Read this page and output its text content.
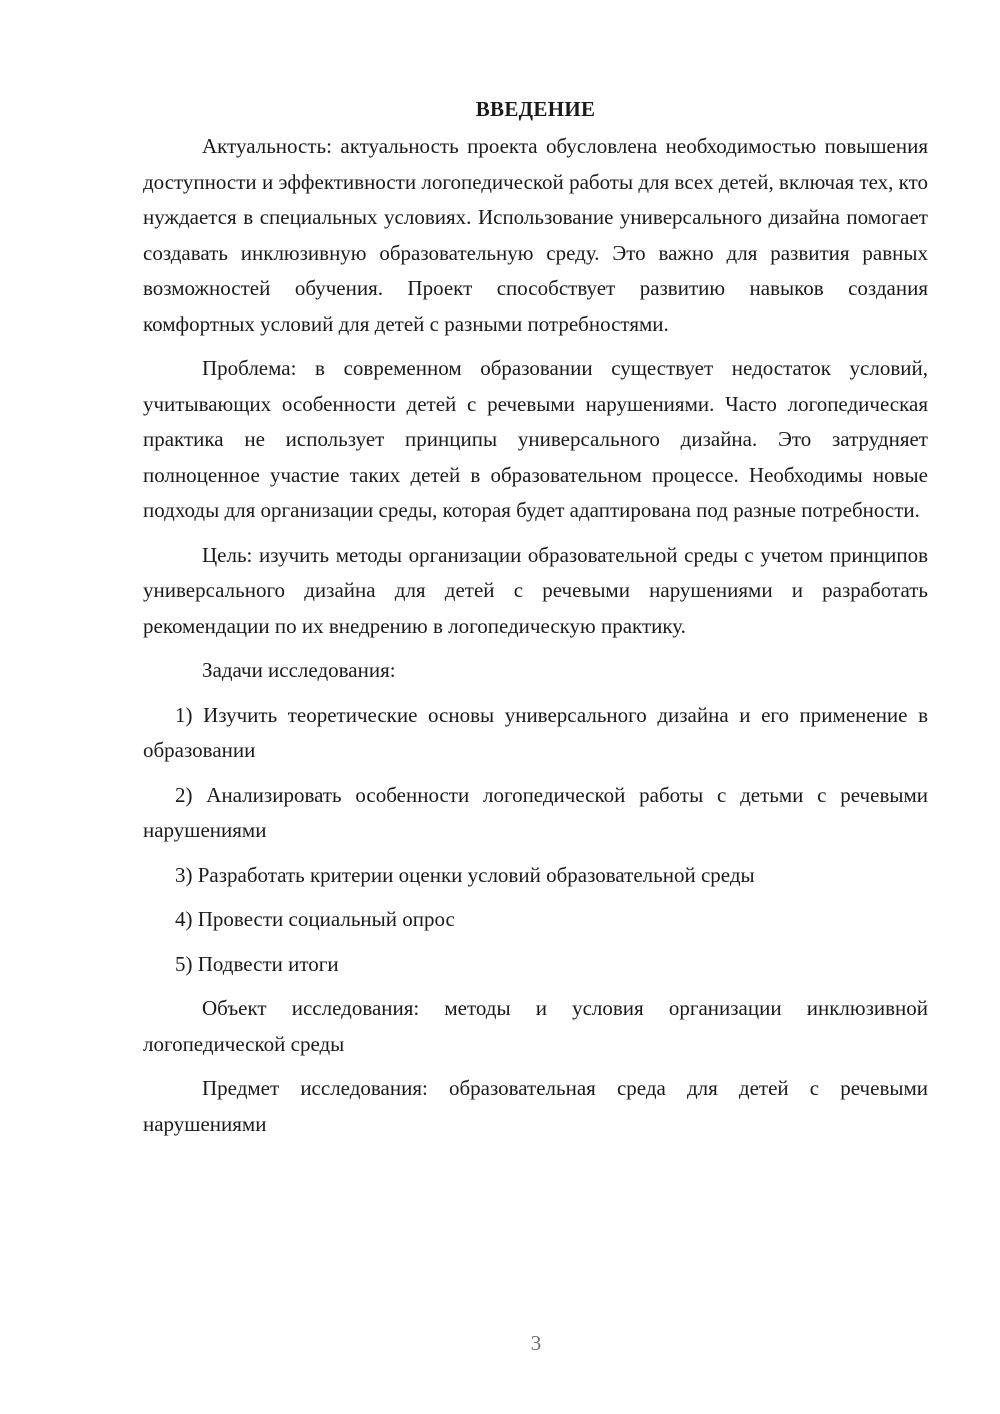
ВВЕДЕНИЕ

Актуальность: актуальность проекта обусловлена необходимостью повышения доступности и эффективности логопедической работы для всех детей, включая тех, кто нуждается в специальных условиях. Использование универсального дизайна помогает создавать инклюзивную образовательную среду. Это важно для развития равных возможностей обучения. Проект способствует развитию навыков создания комфортных условий для детей с разными потребностями.

Проблема: в современном образовании существует недостаток условий, учитывающих особенности детей с речевыми нарушениями. Часто логопедическая практика не использует принципы универсального дизайна. Это затрудняет полноценное участие таких детей в образовательном процессе. Необходимы новые подходы для организации среды, которая будет адаптирована под разные потребности.

Цель: изучить методы организации образовательной среды с учетом принципов универсального дизайна для детей с речевыми нарушениями и разработать рекомендации по их внедрению в логопедическую практику.

Задачи исследования:

1) Изучить теоретические основы универсального дизайна и его применение в образовании

2) Анализировать особенности логопедической работы с детьми с речевыми нарушениями

3) Разработать критерии оценки условий образовательной среды

4) Провести социальный опрос

5) Подвести итоги

Объект исследования: методы и условия организации инклюзивной логопедической среды

Предмет исследования: образовательная среда для детей с речевыми нарушениями

3
